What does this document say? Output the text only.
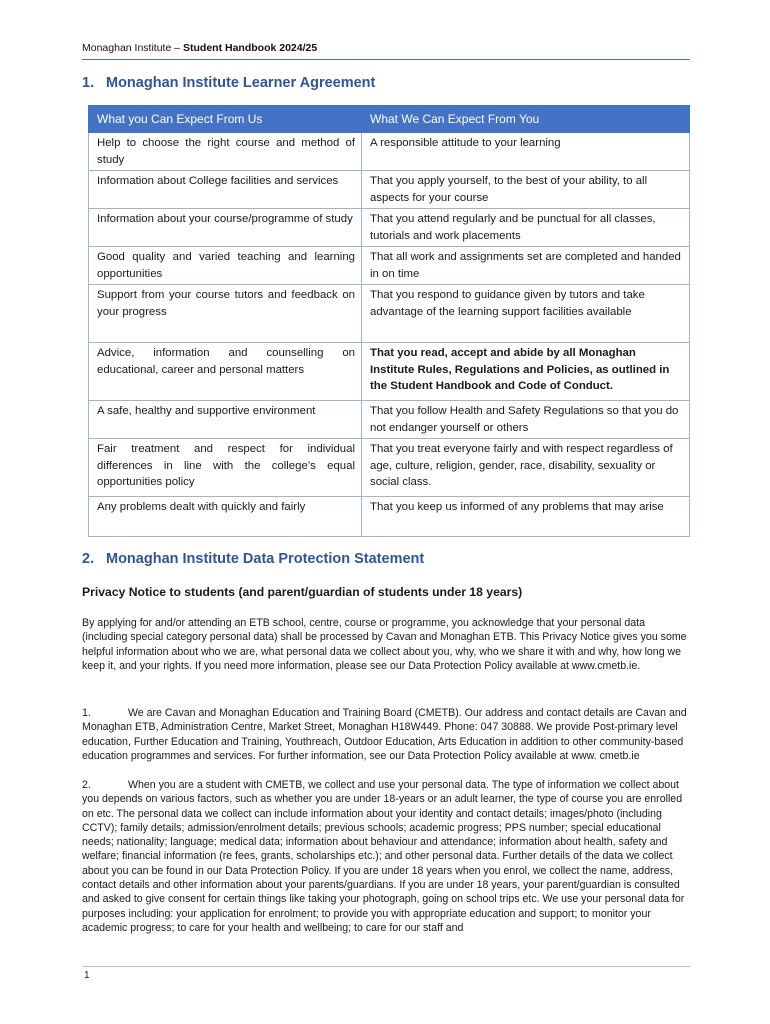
Monaghan Institute – Student Handbook 2024/25
1. Monaghan Institute Learner Agreement
What you Can Expect From Us	What We Can Expect From You
Help to choose the right course and method of study	A responsible attitude to your learning
Information about College facilities and services	That you apply yourself, to the best of your ability, to all aspects for your course
Information about your course/programme of study	That you attend regularly and be punctual for all classes, tutorials and work placements
Good quality and varied teaching and learning opportunities	That all work and assignments set are completed and handed in on time
Support from your course tutors and feedback on your progress	That you respond to guidance given by tutors and take advantage of the learning support facilities available
Advice, information and counselling on educational, career and personal matters	That you read, accept and abide by all Monaghan Institute Rules, Regulations and Policies, as outlined in the Student Handbook and Code of Conduct.
A safe, healthy and supportive environment	That you follow Health and Safety Regulations so that you do not endanger yourself or others
Fair treatment and respect for individual differences in line with the college’s equal opportunities policy	That you treat everyone fairly and with respect regardless of age, culture, religion, gender, race, disability, sexuality or social class.
Any problems dealt with quickly and fairly	That you keep us informed of any problems that may arise
2. Monaghan Institute Data Protection Statement
Privacy Notice to students (and parent/guardian of students under 18 years)
By applying for and/or attending an ETB school, centre, course or programme, you acknowledge that your personal data (including special category personal data) shall be processed by Cavan and Monaghan ETB. This Privacy Notice gives you some helpful information about who we are, what personal data we collect about you, why, who we share it with and why, how long we keep it, and your rights. If you need more information, please see our Data Protection Policy available at www.cmetb.ie.
1.	We are Cavan and Monaghan Education and Training Board (CMETB). Our address and contact details are Cavan and Monaghan ETB, Administration Centre, Market Street, Monaghan H18W449. Phone: 047 30888. We provide Post-primary level education, Further Education and Training, Youthreach, Outdoor Education, Arts Education in addition to other community-based education programmes and services. For further information, see our Data Protection Policy available at www. cmetb.ie
2.	When you are a student with CMETB, we collect and use your personal data. The type of information we collect about you depends on various factors, such as whether you are under 18-years or an adult learner, the type of course you are enrolled on etc. The personal data we collect can include information about your identity and contact details; images/photo (including CCTV); family details; admission/enrolment details; previous schools; academic progress; PPS number; special educational needs; nationality; language; medical data; information about behaviour and attendance; information about health, safety and welfare; financial information (re fees, grants, scholarships etc.); and other personal data. Further details of the data we collect about you can be found in our Data Protection Policy. If you are under 18 years when you enrol, we collect the name, address, contact details and other information about your parents/guardians. If you are under 18 years, your parent/guardian is consulted and asked to give consent for certain things like taking your photograph, going on school trips etc. We use your personal data for purposes including: your application for enrolment; to provide you with appropriate education and support; to monitor your academic progress; to care for your health and wellbeing; to care for our staff and
1
